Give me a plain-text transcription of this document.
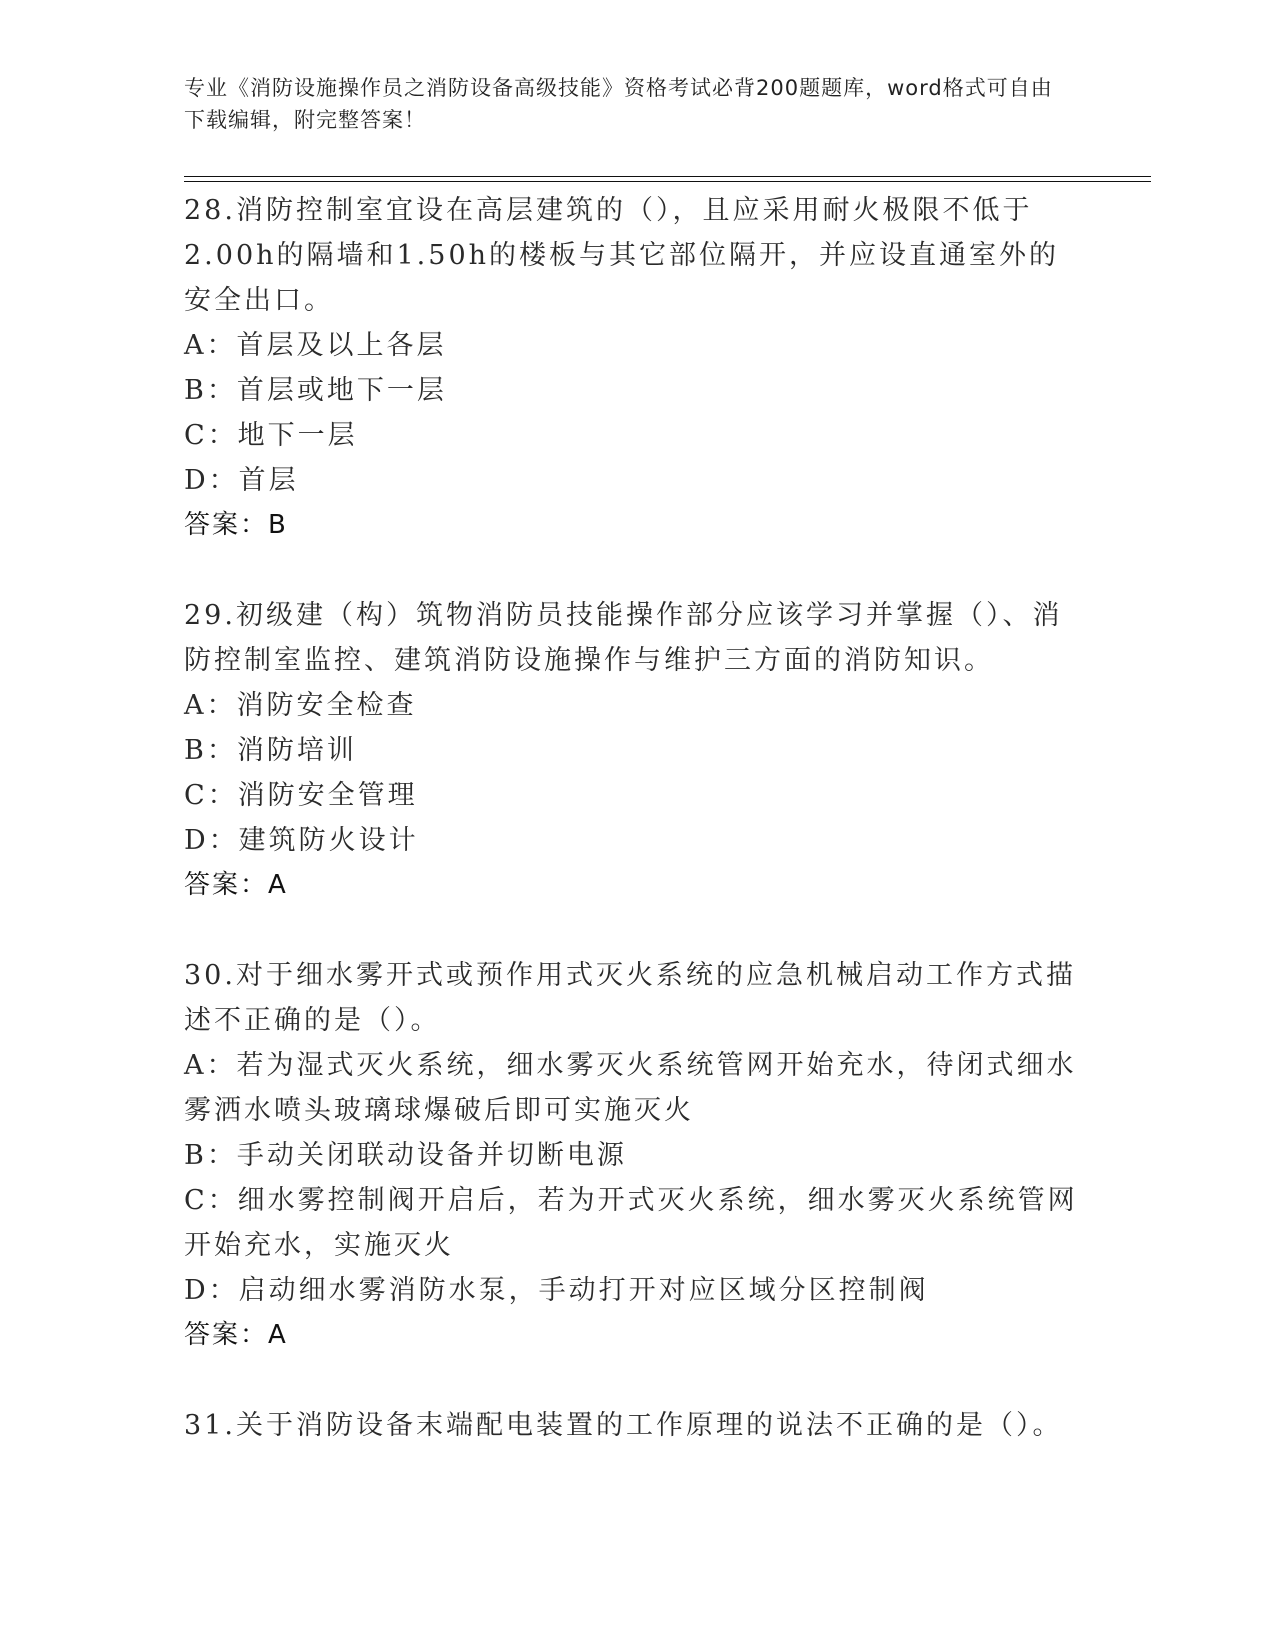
专业《消防设施操作员之消防设备高级技能》资格考试必背200题题库，word格式可自由下载编辑，附完整答案！

28.消防控制室宜设在高层建筑的（），且应采用耐火极限不低于2.00h的隔墙和1.50h的楼板与其它部位隔开，并应设直通室外的安全出口。

A：首层及以上各层

B：首层或地下一层

C：地下一层

D：首层

答案：B

29.初级建（构）筑物消防员技能操作部分应该学习并掌握（）、消防控制室监控、建筑消防设施操作与维护三方面的消防知识。

A：消防安全检查

B：消防培训

C：消防安全管理

D：建筑防火设计

答案：A

30.对于细水雾开式或预作用式灭火系统的应急机械启动工作方式描述不正确的是（）。

A：若为湿式灭火系统，细水雾灭火系统管网开始充水，待闭式细水雾洒水喷头玻璃球爆破后即可实施灭火

B：手动关闭联动设备并切断电源

C：细水雾控制阀开启后，若为开式灭火系统，细水雾灭火系统管网开始充水，实施灭火

D：启动细水雾消防水泵，手动打开对应区域分区控制阀

答案：A

31.关于消防设备末端配电装置的工作原理的说法不正确的是（）。
